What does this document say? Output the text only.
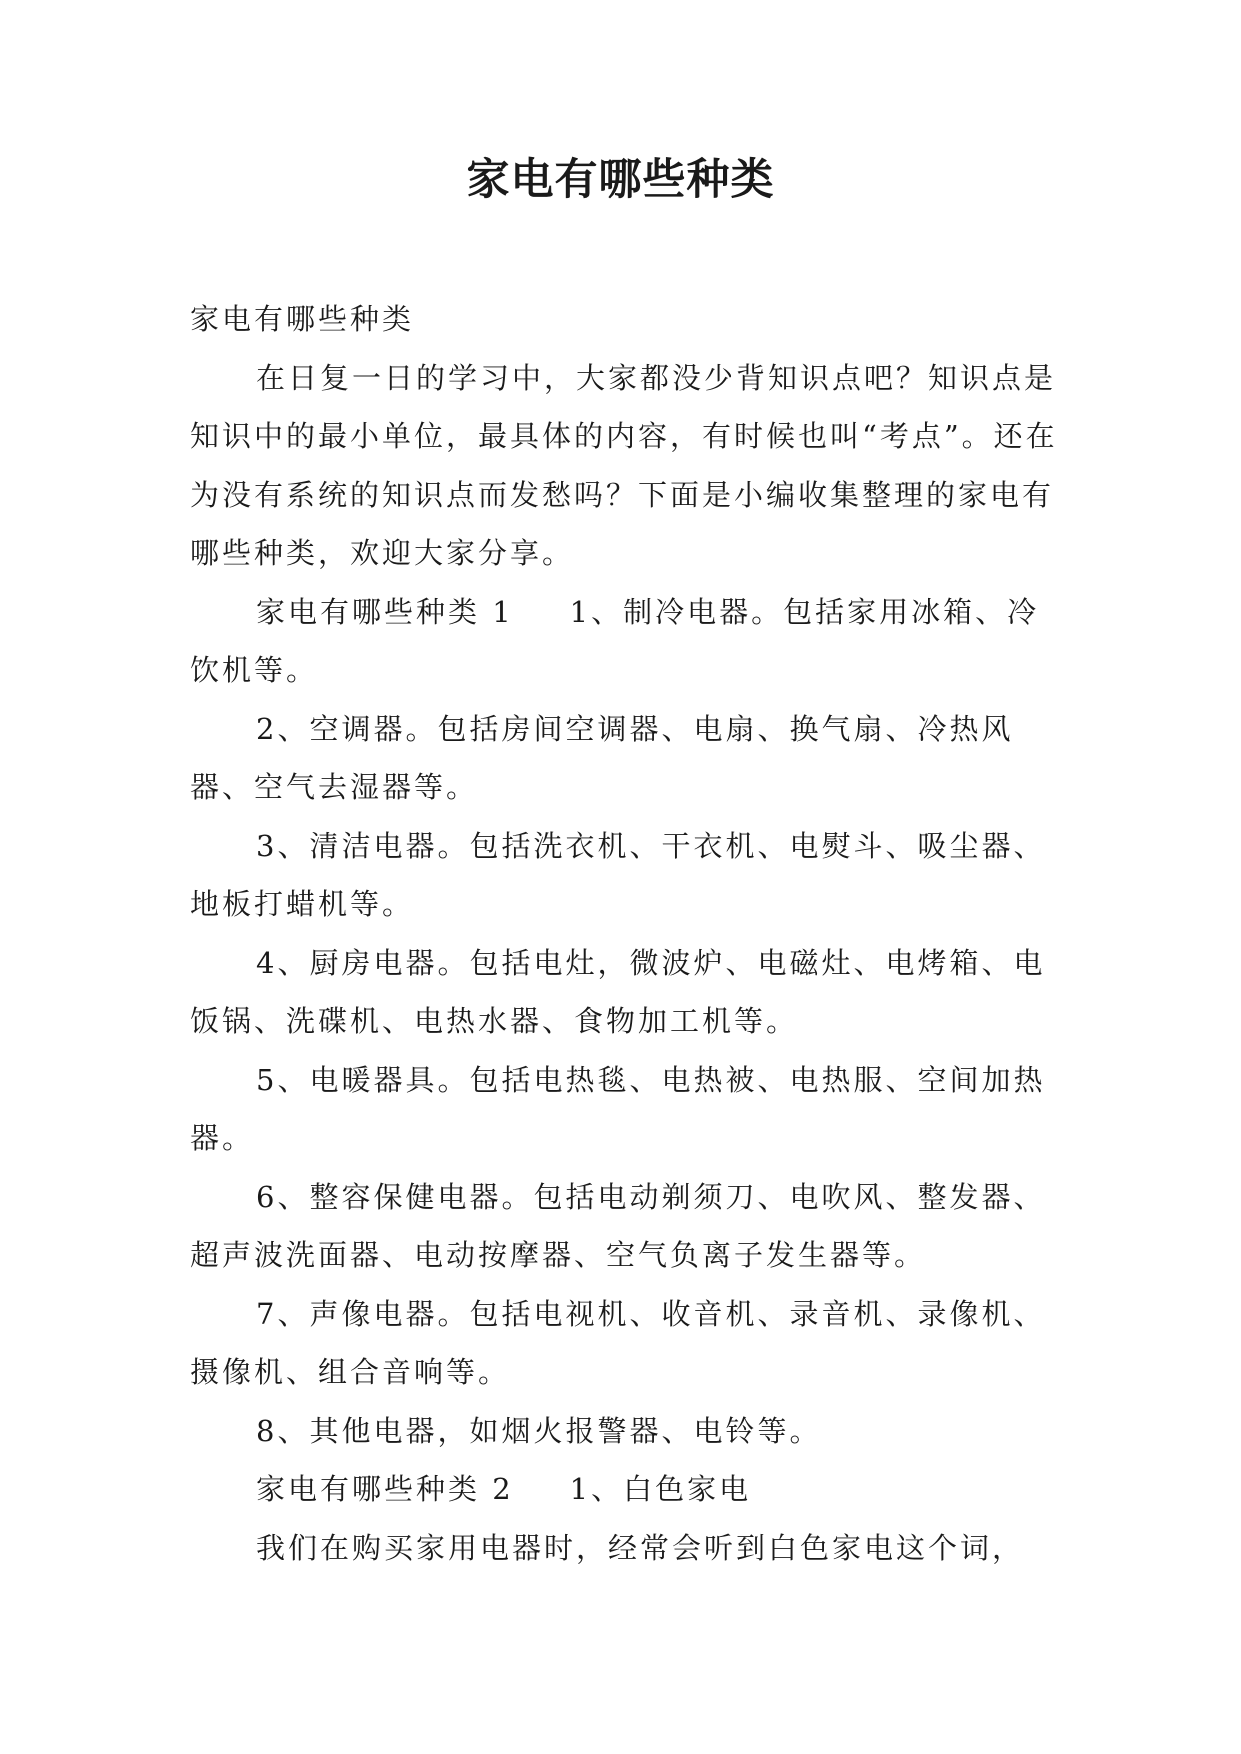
家电有哪些种类

家电有哪些种类

在日复一日的学习中，大家都没少背知识点吧？知识点是知识中的最小单位，最具体的内容，有时候也叫“考点”。还在为没有系统的知识点而发愁吗？下面是小编收集整理的家电有哪些种类，欢迎大家分享。

家电有哪些种类 1 1、制冷电器。包括家用冰箱、冷饮机等。

2、空调器。包括房间空调器、电扇、换气扇、冷热风器、空气去湿器等。

3、清洁电器。包括洗衣机、干衣机、电熨斗、吸尘器、地板打蜡机等。

4、厨房电器。包括电灶，微波炉、电磁灶、电烤箱、电饭锅、洗碟机、电热水器、食物加工机等。

5、电暖器具。包括电热毯、电热被、电热服、空间加热器。

6、整容保健电器。包括电动剃须刀、电吹风、整发器、超声波洗面器、电动按摩器、空气负离子发生器等。

7、声像电器。包括电视机、收音机、录音机、录像机、摄像机、组合音响等。

8、其他电器，如烟火报警器、电铃等。

家电有哪些种类 2 1、白色家电

我们在购买家用电器时，经常会听到白色家电这个词，
